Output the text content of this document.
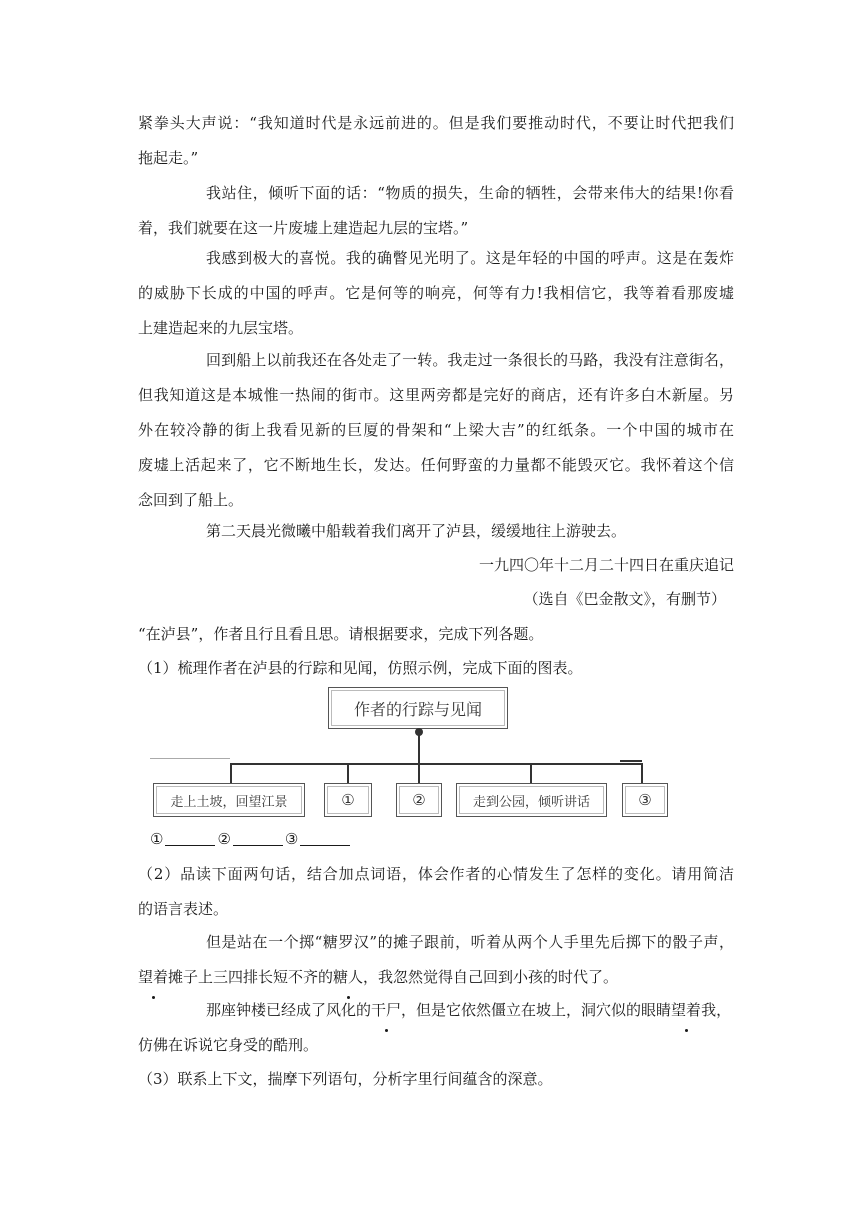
紧拳头大声说：“我知道时代是永远前进的。但是我们要推动时代，不要让时代把我们
拖起走。”
我站住，倾听下面的话：“物质的损失，生命的牺牲，会带来伟大的结果!你看
着，我们就要在这一片废墟上建造起九层的宝塔。”
我感到极大的喜悦。我的确瞥见光明了。这是年轻的中国的呼声。这是在轰炸
的威胁下长成的中国的呼声。它是何等的响亮，何等有力!我相信它，我等着看那废墟
上建造起来的九层宝塔。
回到船上以前我还在各处走了一转。我走过一条很长的马路，我没有注意街名，
但我知道这是本城惟一热闹的街市。这里两旁都是完好的商店，还有许多白木新屋。另
外在较冷静的街上我看见新的巨厦的骨架和“上梁大吉”的红纸条。一个中国的城市在
废墟上活起来了，它不断地生长，发达。任何野蛮的力量都不能毁灭它。我怀着这个信
念回到了船上。
第二天晨光微曦中船载着我们离开了泸县，缓缓地往上游驶去。
一九四〇年十二月二十四日在重庆追记
（选自《巴金散文》，有删节）
“在泸县”，作者且行且看且思。请根据要求，完成下列各题。
（1）梳理作者在泸县的行踪和见闻，仿照示例，完成下面的图表。
作者的行踪与见闻
走上土坡，回望江景	①	②	走到公园，倾听讲话	③
①	②	③
（2）品读下面两句话，结合加点词语，体会作者的心情发生了怎样的变化。请用简洁
的语言表述。
但是站在一个掷“糖罗汉”的摊子跟前，听着从两个人手里先后掷下的骰子声，
望着摊子上三四排长短不齐的糖人，我忽然觉得自己回到小孩的时代了。
那座钟楼已经成了风化的干尸，但是它依然僵立在坡上，洞穴似的眼睛望着我，
仿佛在诉说它身受的酷刑。
（3）联系上下文，揣摩下列语句，分析字里行间蕴含的深意。
